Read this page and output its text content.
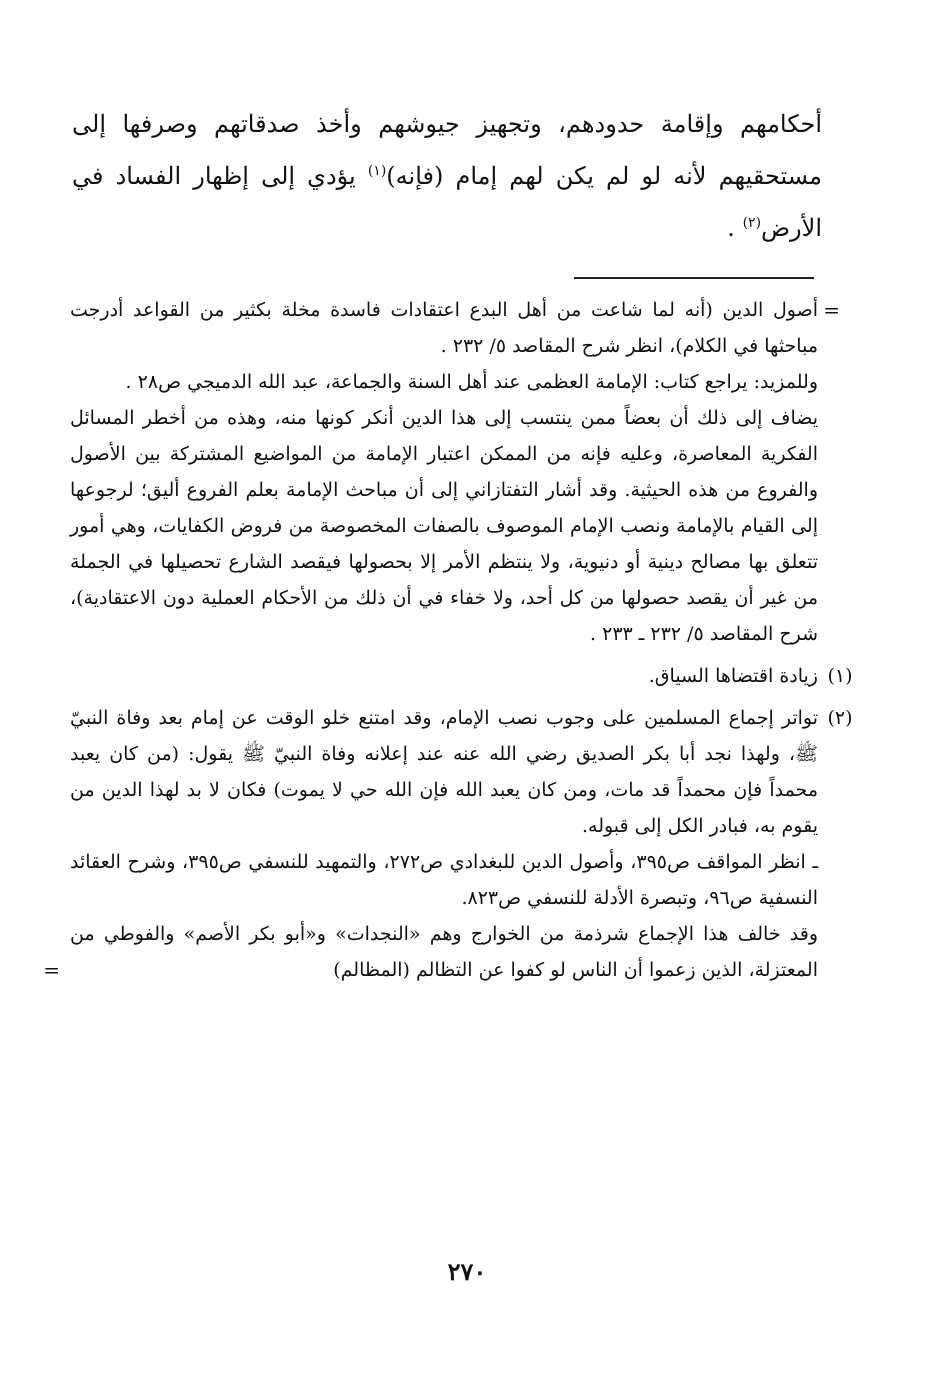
أحكامهم وإقامة حدودهم، وتجهيز جيوشهم وأخذ صدقاتهم وصرفها إلى مستحقيهم لأنه لو لم يكن لهم إمام (فإنه)$^{(١)}$ يؤدي إلى إظهار الفساد في الأرض$^{(٢)}$ .

=

أصول الدين (أنه لما شاعت من أهل البدع اعتقادات فاسدة مخلة بكثير من القواعد أدرجت مباحثها في الكلام)، انظر شرح المقاصد ٥/ ٢٣٢ .

وللمزيد: يراجع كتاب: الإمامة العظمى عند أهل السنة والجماعة، عبد الله الدميجي ص٢٨ .

يضاف إلى ذلك أن بعضاً ممن ينتسب إلى هذا الدين أنكر كونها منه، وهذه من أخطر المسائل الفكرية المعاصرة، وعليه فإنه من الممكن اعتبار الإمامة من المواضيع المشتركة بين الأصول والفروع من هذه الحيثية. وقد أشار التفتازاني إلى أن مباحث الإمامة بعلم الفروع أليق؛ لرجوعها إلى القيام بالإمامة ونصب الإمام الموصوف بالصفات المخصوصة من فروض الكفايات، وهي أمور تتعلق بها مصالح دينية أو دنيوية، ولا ينتظم الأمر إلا بحصولها فيقصد الشارع تحصيلها في الجملة من غير أن يقصد حصولها من كل أحد، ولا خفاء في أن ذلك من الأحكام العملية دون الاعتقادية)، شرح المقاصد ٥/ ٢٣٢ ـ ٢٣٣ .

(١)

زيادة اقتضاها السياق.

(٢)

تواتر إجماع المسلمين على وجوب نصب الإمام، وقد امتنع خلو الوقت عن إمام بعد وفاة النبيّ ﷺ، ولهذا نجد أبا بكر الصديق رضي الله عنه عند إعلانه وفاة النبيّ ﷺ يقول: (من كان يعبد محمداً فإن محمداً قد مات، ومن كان يعبد الله فإن الله حي لا يموت) فكان لا بد لهذا الدين من يقوم به، فبادر الكل إلى قبوله.

ـ انظر المواقف ص٣٩٥، وأصول الدين للبغدادي ص٢٧٢، والتمهيد للنسفي ص٣٩٥، وشرح العقائد النسفية ص٩٦، وتبصرة الأدلة للنسفي ص٨٢٣.

وقد خالف هذا الإجماع شرذمة من الخوارج وهم «النجدات» و«أبو بكر الأصم» والفوطي من المعتزلة، الذين زعموا أن الناس لو كفوا عن التظالم (المظالم)

=
٢٧٠
